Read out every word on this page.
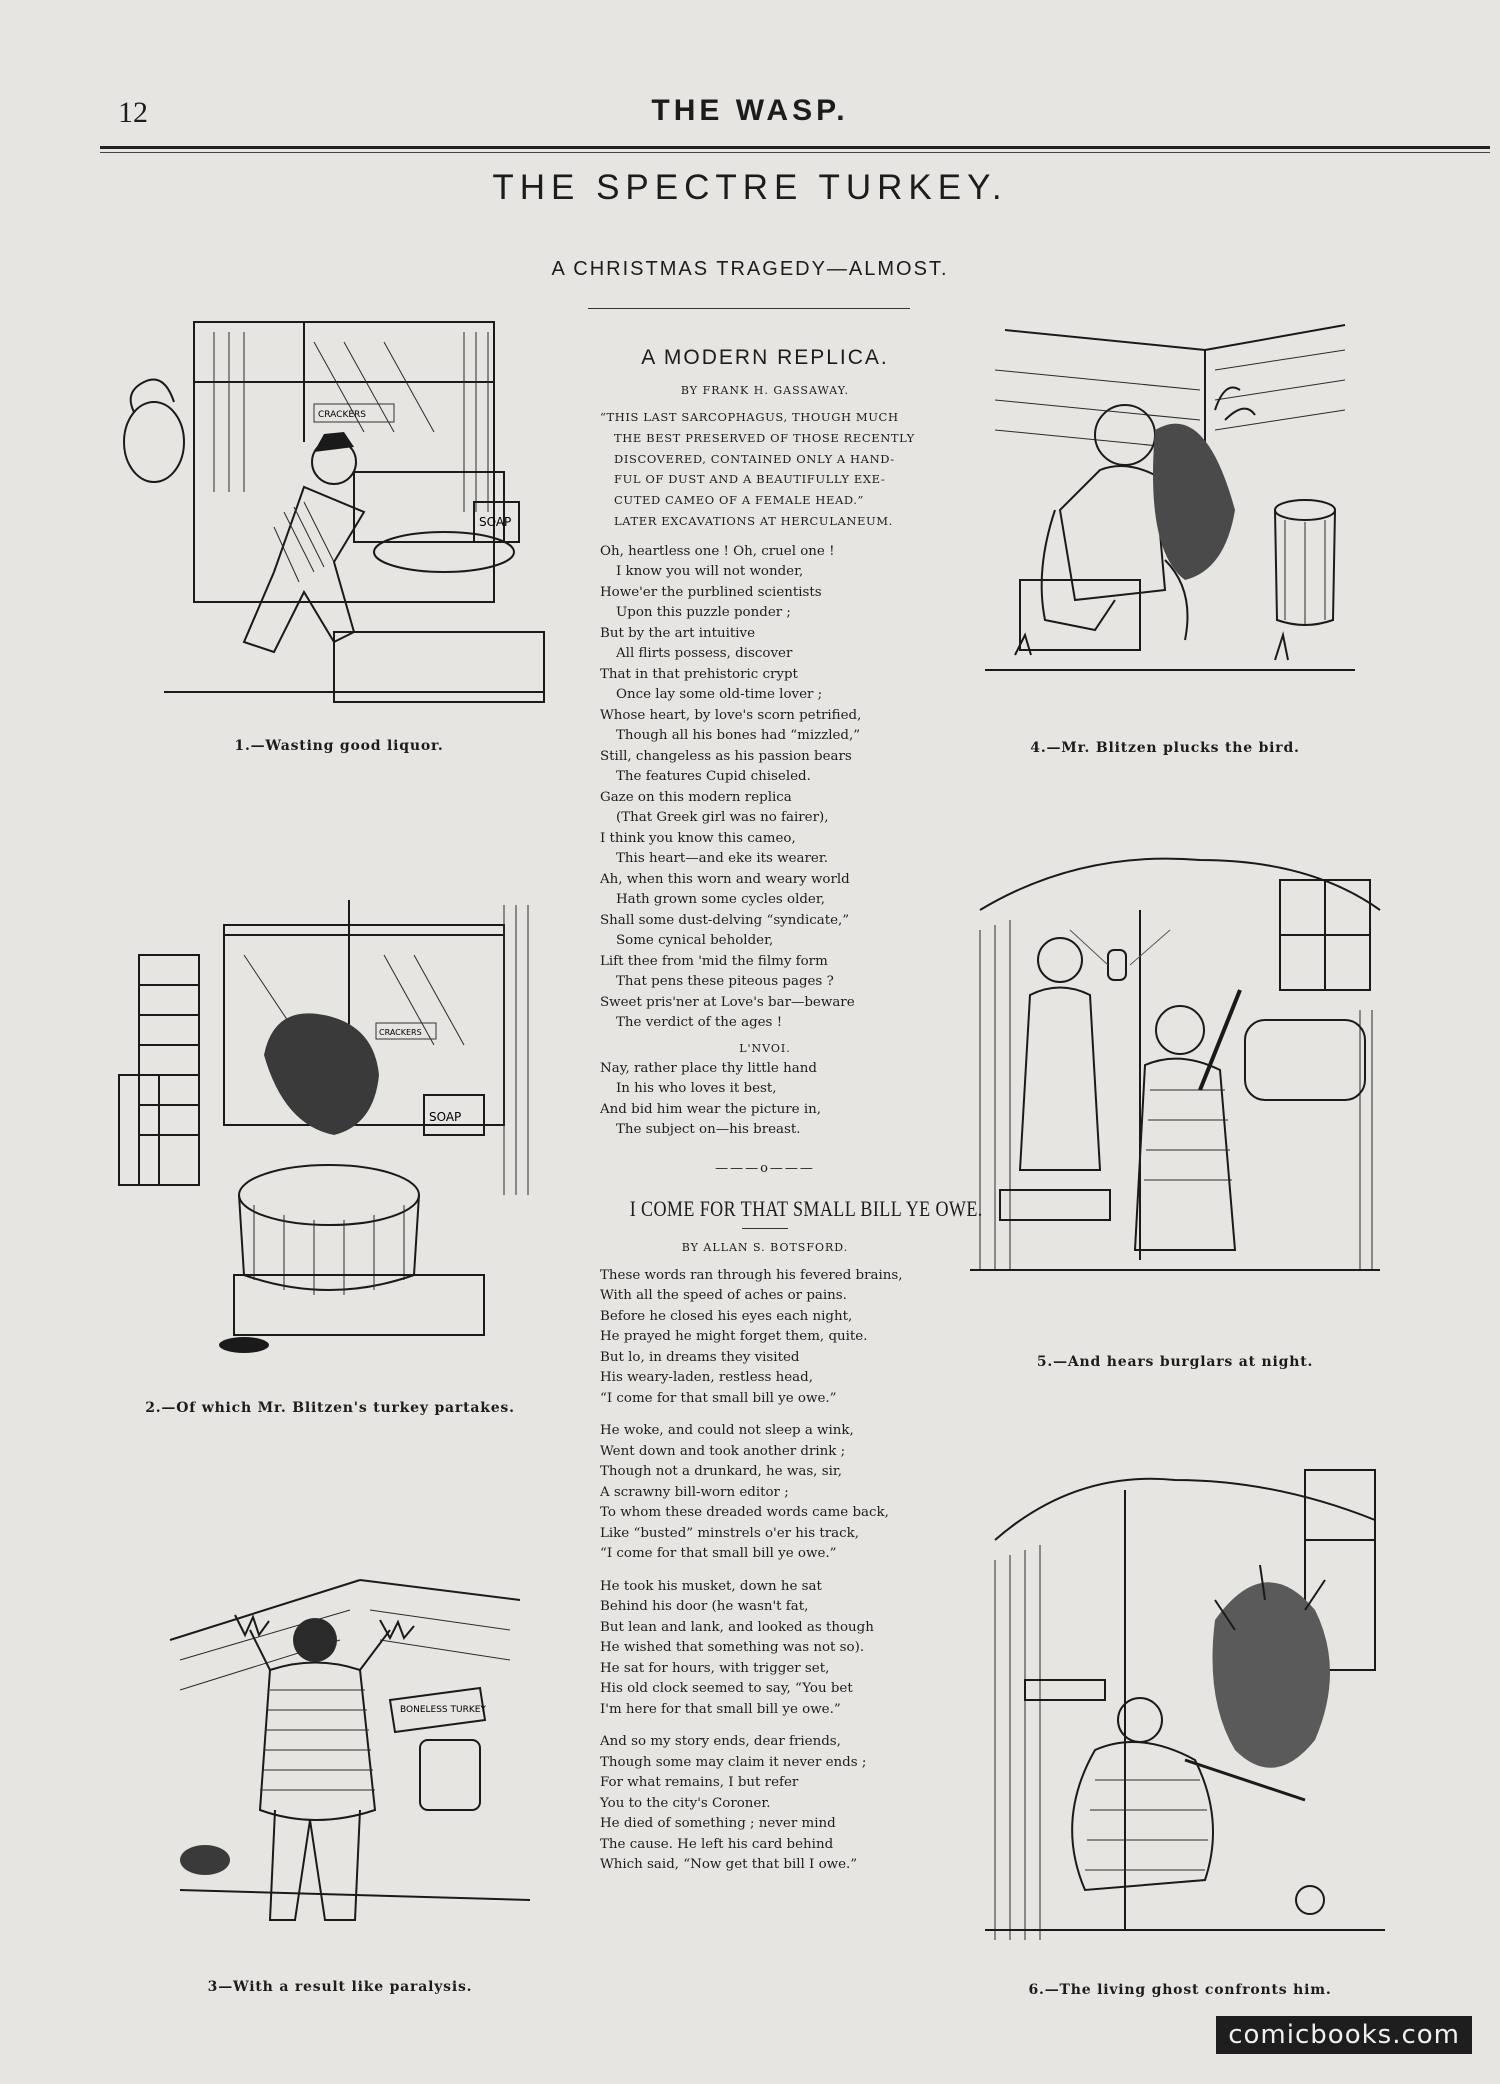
12	THE WASP.
THE SPECTRE TURKEY.
A CHRISTMAS TRAGEDY—ALMOST.
SOAP
CRACKERS
1.—Wasting good liquor.
CRACKERS
SOAP
2.—Of which Mr. Blitzen's turkey partakes.
BONELESS TURKEY
3—With a result like paralysis.
4.—Mr. Blitzen plucks the bird.
5.—And hears burglars at night.
6.—The living ghost confronts him.
A MODERN REPLICA.
BY FRANK H. GASSAWAY.
“THIS LAST SARCOPHAGUS, THOUGH MUCH
THE BEST PRESERVED OF THOSE RECENTLY
DISCOVERED, CONTAINED ONLY A HAND-
FUL OF DUST AND A BEAUTIFULLY EXE-
CUTED CAMEO OF A FEMALE HEAD.”
LATER EXCAVATIONS AT HERCULANEUM.
Oh, heartless one ! Oh, cruel one !
I know you will not wonder,
Howe'er the purblined scientists
Upon this puzzle ponder ;
But by the art intuitive
All flirts possess, discover
That in that prehistoric crypt
Once lay some old-time lover ;
Whose heart, by love's scorn petrified,
Though all his bones had “mizzled,”
Still, changeless as his passion bears
The features Cupid chiseled.
Gaze on this modern replica
(That Greek girl was no fairer),
I think you know this cameo,
This heart—and eke its wearer.
Ah, when this worn and weary world
Hath grown some cycles older,
Shall some dust-delving “syndicate,”
Some cynical beholder,
Lift thee from 'mid the filmy form
That pens these piteous pages ?
Sweet pris'ner at Love's bar—beware
The verdict of the ages !
L'NVOI.
Nay, rather place thy little hand
In his who loves it best,
And bid him wear the picture in,
The subject on—his breast.
———o———
I COME FOR THAT SMALL BILL YE OWE.
BY ALLAN S. BOTSFORD.
These words ran through his fevered brains,
With all the speed of aches or pains.
Before he closed his eyes each night,
He prayed he might forget them, quite.
But lo, in dreams they visited
His weary-laden, restless head,
“I come for that small bill ye owe.”
He woke, and could not sleep a wink,
Went down and took another drink ;
Though not a drunkard, he was, sir,
A scrawny bill-worn editor ;
To whom these dreaded words came back,
Like “busted” minstrels o'er his track,
“I come for that small bill ye owe.”
He took his musket, down he sat
Behind his door (he wasn't fat,
But lean and lank, and looked as though
He wished that something was not so).
He sat for hours, with trigger set,
His old clock seemed to say, “You bet
I'm here for that small bill ye owe.”
And so my story ends, dear friends,
Though some may claim it never ends ;
For what remains, I but refer
You to the city's Coroner.
He died of something ; never mind
The cause. He left his card behind
Which said, “Now get that bill I owe.”
comicbooks.com
